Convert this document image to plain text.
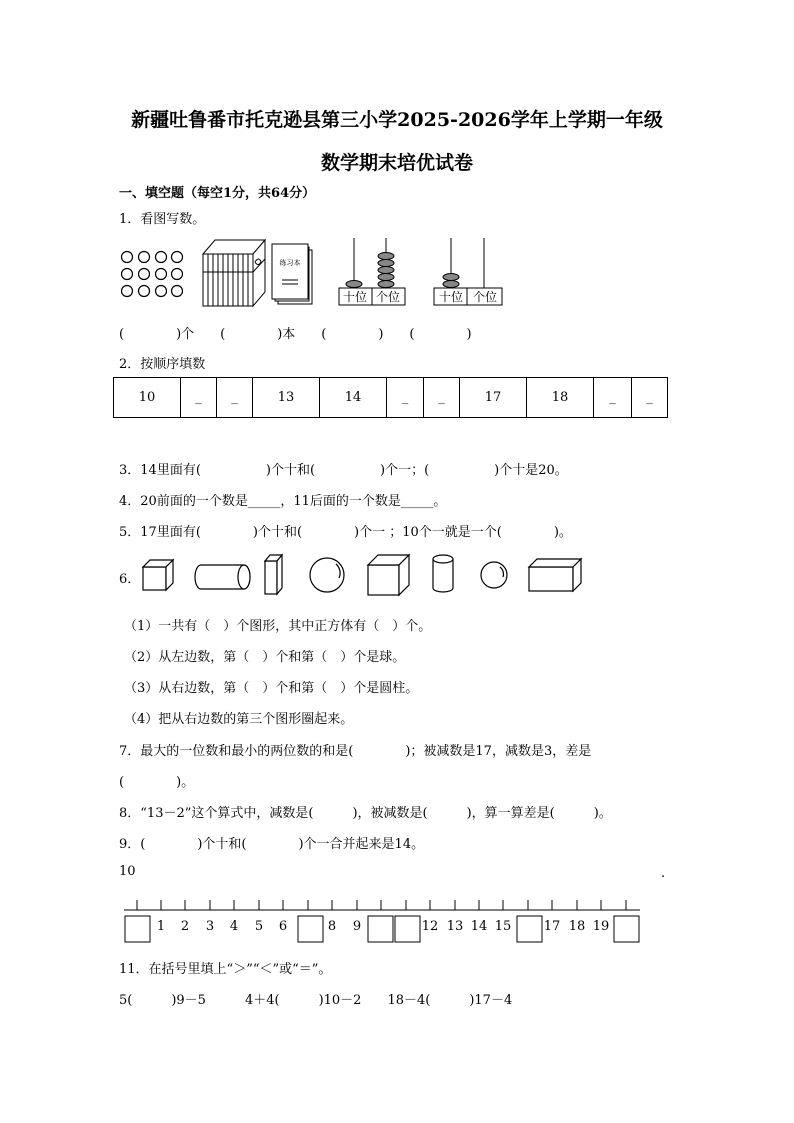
新疆吐鲁番市托克逊县第三小学2025-2026学年上学期一年级
数学期末培优试卷
一、填空题（每空1分，共64分）
1．看图写数。
练习本
十位 个位	十位 个位
(　　　　)个　　(　　　　)本　　(　　　　)　　(　　　　)
2．按顺序填数
10	_	_	13	14	_	_	17	18	_	_
3．14里面有(　　　　　)个十和(　　　　　)个一；(　　　　　)个十是20。
4．20前面的一个数是_____，11后面的一个数是_____。
5．17里面有(　　　　)个十和(　　　　)个一 ；10个一就是一个(　　　　)。
6．
（1）一共有（　）个图形，其中正方体有（　）个。
（2）从左边数，第（　）个和第（　）个是球。
（3）从右边数，第（　）个和第（　）个是圆柱。
（4）把从右边数的第三个图形圈起来。
7．最大的一位数和最小的两位数的和是(　　　　)；被减数是17，减数是3，差是
(　　　　)。
8．“13－2”这个算式中，减数是(　　　)，被减数是(　　　)，算一算差是(　　　)。
9．(　　　　)个十和(　　　　)个一合并起来是14。
10	.
1 2 3 4 5 6	8 9	12 13 14 15 17 18 19
11．在括号里填上“＞”“＜”或“＝”。
5(　　　)9－5　　　4＋4(　　　)10－2　　18－4(　　　)17－4
